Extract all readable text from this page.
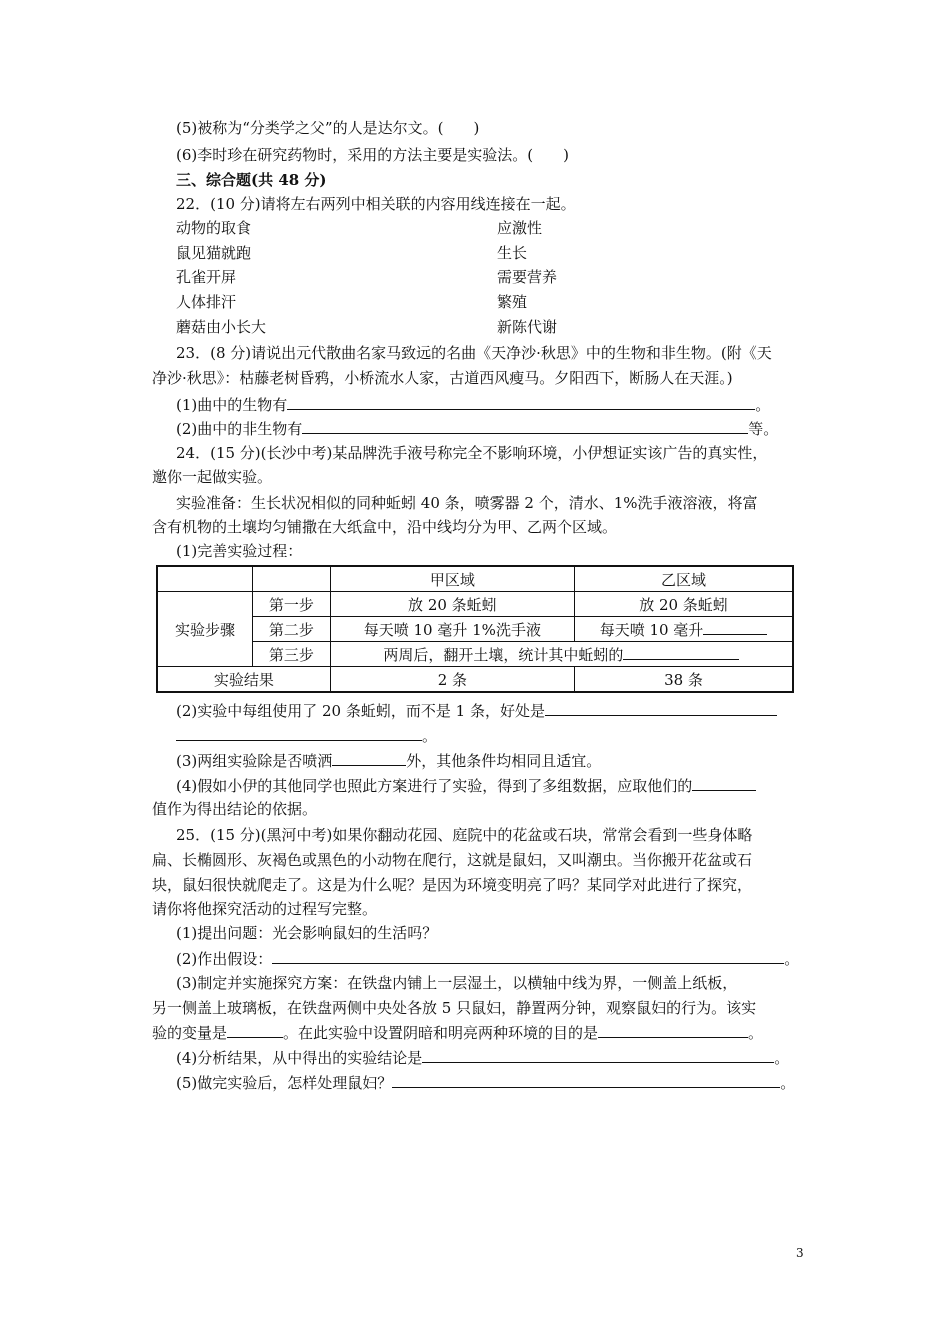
(5)被称为“分类学之父”的人是达尔文。(　　)
(6)李时珍在研究药物时，采用的方法主要是实验法。(　　)
三、综合题(共 48 分)
22．(10 分)请将左右两列中相关联的内容用线连接在一起。
动物的取食	应激性
鼠见猫就跑	生长
孔雀开屏	需要营养
人体排汗	繁殖
蘑菇由小长大	新陈代谢
23．(8 分)请说出元代散曲名家马致远的名曲《天净沙·秋思》中的生物和非生物。(附《天
净沙·秋思》：枯藤老树昏鸦，小桥流水人家，古道西风瘦马。夕阳西下，断肠人在天涯。)
(1)曲中的生物有	。
(2)曲中的非生物有	等。
24．(15 分)(长沙中考)某品牌洗手液号称完全不影响环境，小伊想证实该广告的真实性，
邀你一起做实验。
实验准备：生长状况相似的同种蚯蚓 40 条，喷雾器 2 个，清水、1%洗手液溶液，将富
含有机物的土壤均匀铺撒在大纸盒中，沿中线均分为甲、乙两个区域。
(1)完善实验过程：
		甲区域	乙区域
实验步骤	第一步	放 20 条蚯蚓	放 20 条蚯蚓
	第二步	每天喷 10 毫升 1%洗手液	每天喷 10 毫升
	第三步	两周后，翻开土壤，统计其中蚯蚓的	
实验结果		2 条	38 条
(2)实验中每组使用了 20 条蚯蚓，而不是 1 条，好处是
。
(3)两组实验除是否喷洒	外，其他条件均相同且适宜。
(4)假如小伊的其他同学也照此方案进行了实验，得到了多组数据，应取他们的
值作为得出结论的依据。
25．(15 分)(黑河中考)如果你翻动花园、庭院中的花盆或石块，常常会看到一些身体略
扁、长椭圆形、灰褐色或黑色的小动物在爬行，这就是鼠妇，又叫潮虫。当你搬开花盆或石
块，鼠妇很快就爬走了。这是为什么呢？是因为环境变明亮了吗？某同学对此进行了探究，
请你将他探究活动的过程写完整。
(1)提出问题：光会影响鼠妇的生活吗？
(2)作出假设：	。
(3)制定并实施探究方案：在铁盘内铺上一层湿土，以横轴中线为界，一侧盖上纸板，
另一侧盖上玻璃板，在铁盘两侧中央处各放 5 只鼠妇，静置两分钟，观察鼠妇的行为。该实
验的变量是	。在此实验中设置阴暗和明亮两种环境的目的是	。
(4)分析结果，从中得出的实验结论是	。
(5)做完实验后，怎样处理鼠妇？	。
3
